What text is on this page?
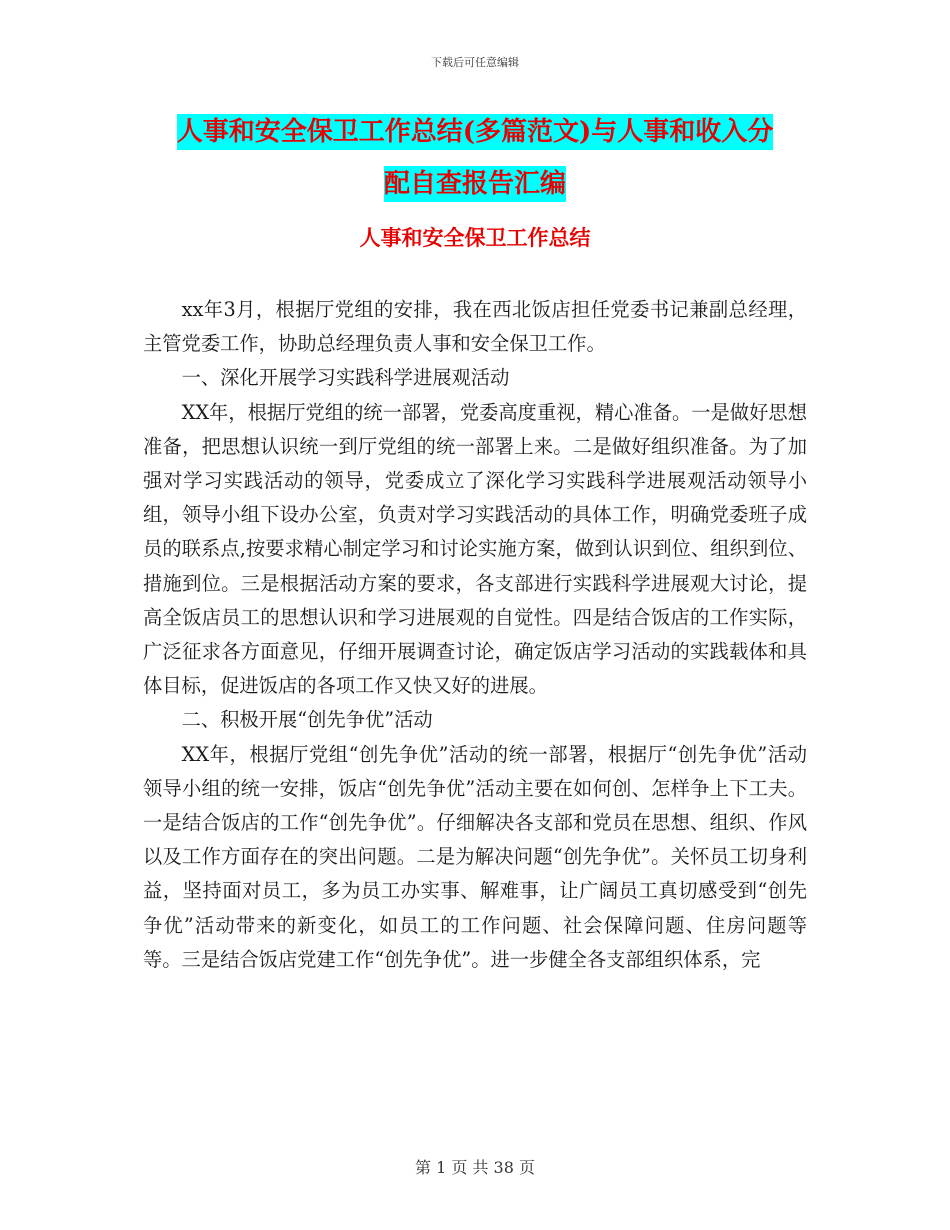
下载后可任意编辑
人事和安全保卫工作总结(多篇范文)与人事和收入分
配自查报告汇编
人事和安全保卫工作总结

xx年3月，根据厅党组的安排，我在西北饭店担任党委书记兼副总经理，主管党委工作，协助总经理负责人事和安全保卫工作。

一、深化开展学习实践科学进展观活动

XX年，根据厅党组的统一部署，党委高度重视，精心准备。一是做好思想准备，把思想认识统一到厅党组的统一部署上来。二是做好组织准备。为了加强对学习实践活动的领导，党委成立了深化学习实践科学进展观活动领导小组，领导小组下设办公室，负责对学习实践活动的具体工作，明确党委班子成员的联系点,按要求精心制定学习和讨论实施方案，做到认识到位、组织到位、措施到位。三是根据活动方案的要求，各支部进行实践科学进展观大讨论，提高全饭店员工的思想认识和学习进展观的自觉性。四是结合饭店的工作实际，广泛征求各方面意见，仔细开展调查讨论，确定饭店学习活动的实践载体和具体目标，促进饭店的各项工作又快又好的进展。

二、积极开展“创先争优”活动

XX年，根据厅党组“创先争优”活动的统一部署，根据厅“创先争优”活动领导小组的统一安排，饭店“创先争优”活动主要在如何创、怎样争上下工夫。一是结合饭店的工作“创先争优”。仔细解决各支部和党员在思想、组织、作风以及工作方面存在的突出问题。二是为解决问题“创先争优”。关怀员工切身利益，坚持面对员工，多为员工办实事、解难事，让广阔员工真切感受到“创先争优”活动带来的新变化，如员工的工作问题、社会保障问题、住房问题等等。三是结合饭店党建工作“创先争优”。进一步健全各支部组织体系，完

第 1 页 共 38 页
